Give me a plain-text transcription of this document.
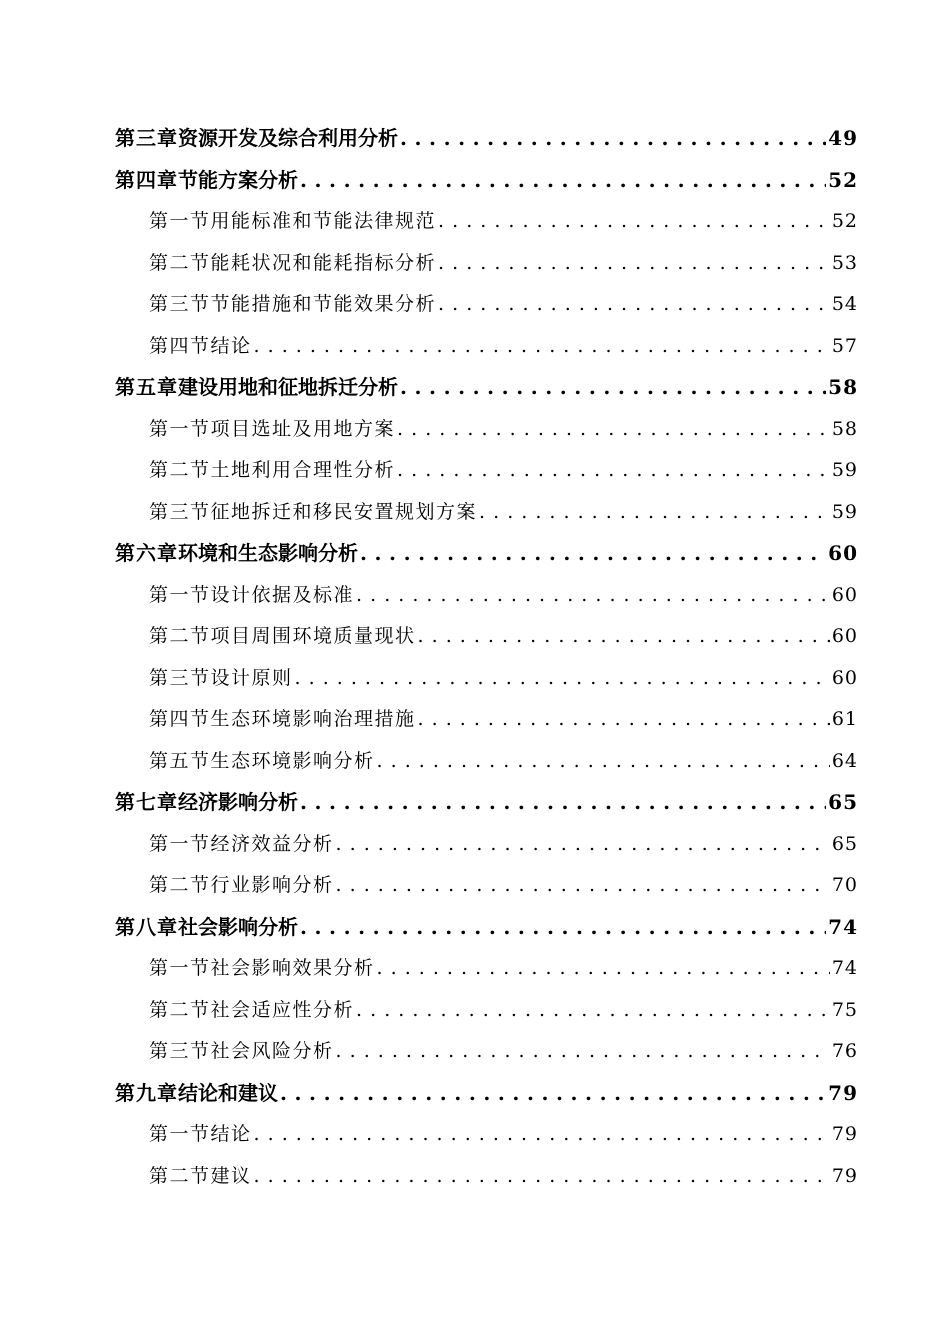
第三章 资源开发及综合利用分析 . . .	49
第四章 节能方案分析 . . .	52
第一节 用能标准和节能法律规范 . . .	52
第二节 能耗状况和能耗指标分析 . . .	53
第三节 节能措施和节能效果分析 . . .	54
第四节 结论 . . .	57
第五章 建设用地和征地拆迁分析 . . .	58
第一节 项目选址及用地方案 . . .	58
第二节 土地利用合理性分析 . . .	59
第三节 征地拆迁和移民安置规划方案 . . .	59
第六章 环境和生态影响分析 . . .	60
第一节 设计依据及标准 . . .	60
第二节 项目周围环境质量现状 . . .	60
第三节 设计原则 . . .	60
第四节 生态环境影响治理措施 . . .	61
第五节 生态环境影响分析 . . .	64
第七章 经济影响分析 . . .	65
第一节 经济效益分析 . . .	65
第二节 行业影响分析 . . .	70
第八章 社会影响分析 . . .	74
第一节 社会影响效果分析 . . .	74
第二节 社会适应性分析 . . .	75
第三节 社会风险分析 . . .	76
第九章 结论和建议 . . .	79
第一节 结论 . . .	79
第二节 建议 . . .	79
